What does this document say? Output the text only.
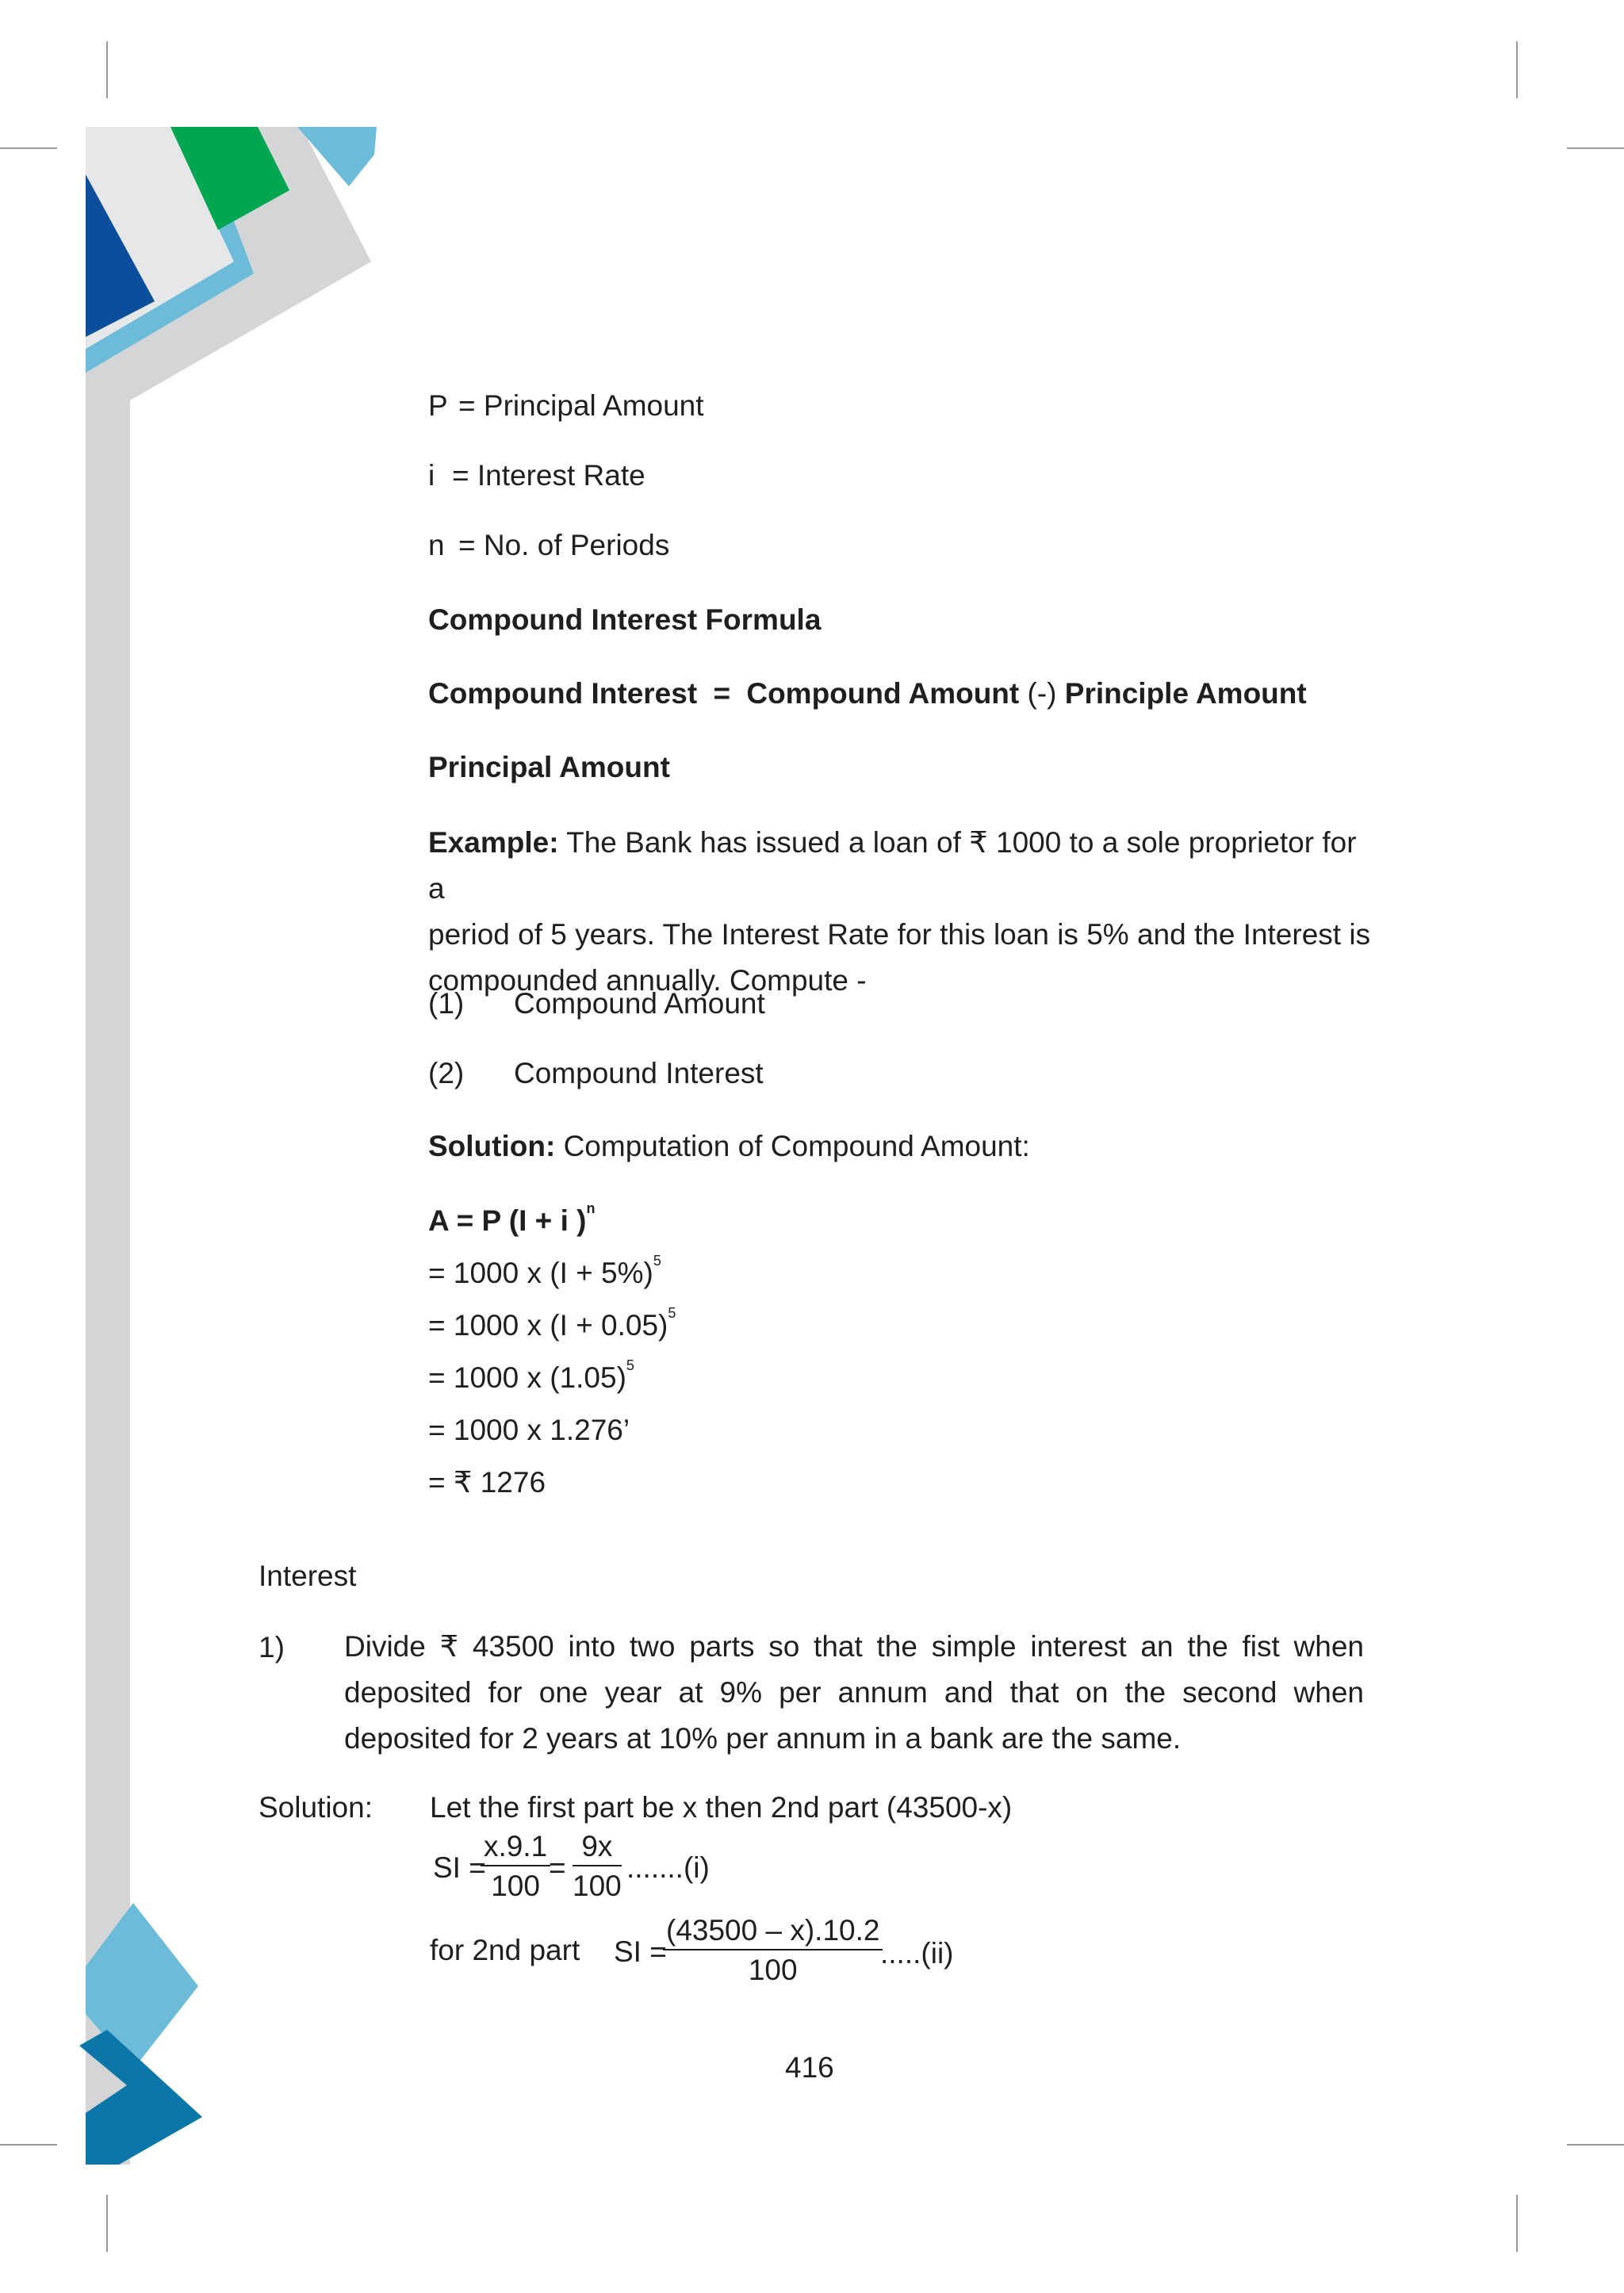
P = Principal Amount
i = Interest Rate
n = No. of Periods
Compound Interest Formula
Compound Interest = Compound Amount (-) Principle Amount
Principal Amount
Example: The Bank has issued a loan of ₹ 1000 to a sole proprietor for a
period of 5 years. The Interest Rate for this loan is 5% and the Interest is
compounded annually. Compute -
(1) Compound Amount
(2) Compound Interest
Solution: Computation of Compound Amount:
A = P (I + i )$^n$
= 1000 x $(I + 5\%)^5$
= 1000 x $(I + 0.05)^5$
= 1000 x $(1.05)^5$
= 1000 x 1.276’
= ₹ 1276
Interest
1) Divide ₹ 43500 into two parts so that the simple interest an the fist when
deposited for one year at 9% per annum and that on the second when
deposited for 2 years at 10% per annum in a bank are the same.
Solution: Let the first part be x then 2nd part (43500-x)
SI =
$\frac{x.9.1}{100}$
= $\frac{9x}{100} .......(i)$
for 2nd part SI =
$\frac{(43500 - x).10.2}{100}$
.....(ii)
416
